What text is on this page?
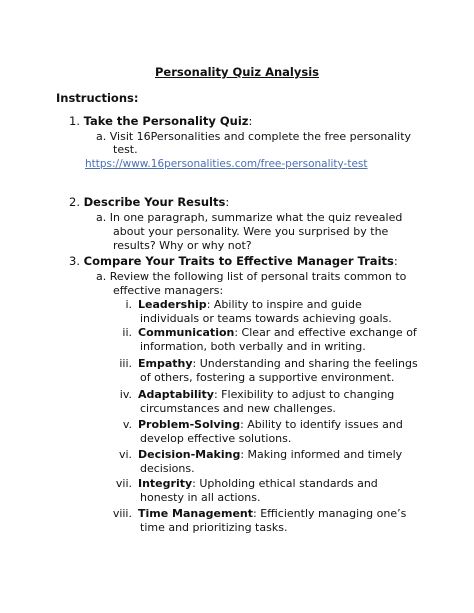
Personality Quiz Analysis
Instructions:
1. Take the Personality Quiz:
a. Visit 16Personalities and complete the free personality
test.
https://www.16personalities.com/free-personality-test
2. Describe Your Results:
a. In one paragraph, summarize what the quiz revealed
about your personality. Were you surprised by the
results? Why or why not?
3. Compare Your Traits to Effective Manager Traits:
a. Review the following list of personal traits common to
effective managers:
i. Leadership: Ability to inspire and guide
individuals or teams towards achieving goals.
ii. Communication: Clear and effective exchange of
information, both verbally and in writing.
iii. Empathy: Understanding and sharing the feelings
of others, fostering a supportive environment.
iv. Adaptability: Flexibility to adjust to changing
circumstances and new challenges.
v. Problem-Solving: Ability to identify issues and
develop effective solutions.
vi. Decision-Making: Making informed and timely
decisions.
vii. Integrity: Upholding ethical standards and
honesty in all actions.
viii. Time Management: Efficiently managing one’s
time and prioritizing tasks.
